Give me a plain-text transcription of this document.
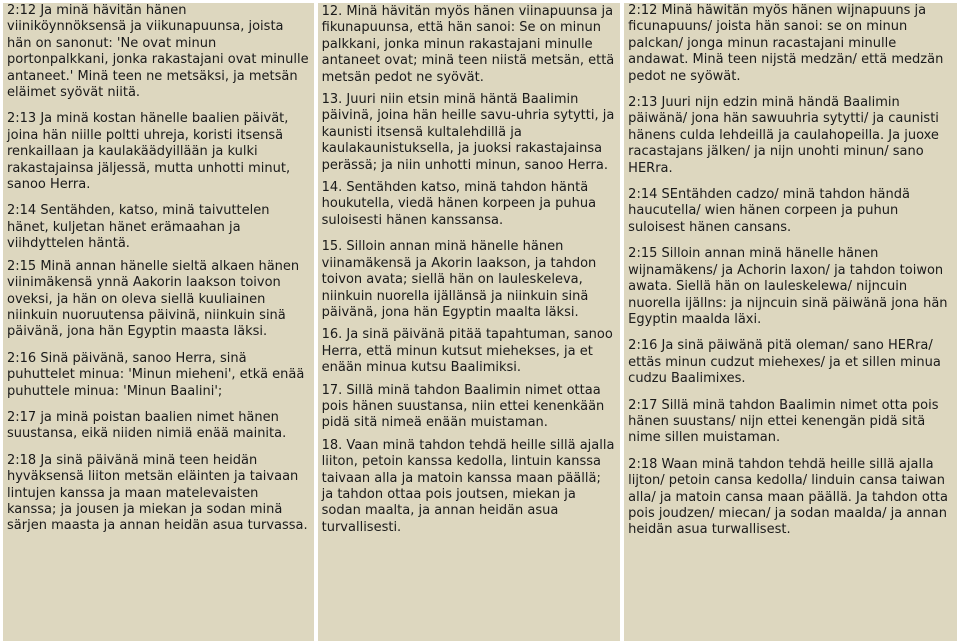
2:12 Ja minä hävitän hänen viiniköynnöksensä ja viikunapuunsa, joista hän on sanonut: 'Ne ovat minun portonpalkkani, jonka rakastajani ovat minulle antaneet.' Minä teen ne metsäksi, ja metsän eläimet syövät niitä.

2:13 Ja minä kostan hänelle baalien päivät, joina hän niille poltti uhreja, koristi itsensä renkaillaan ja kaulakäädyillään ja kulki rakastajainsa jäljessä, mutta unhotti minut, sanoo Herra.

2:14 Sentähden, katso, minä taivuttelen hänet, kuljetan hänet erämaahan ja viihdyttelen häntä.

2:15 Minä annan hänelle sieltä alkaen hänen viinimäkensä ynnä Aakorin laakson toivon oveksi, ja hän on oleva siellä kuuliainen niinkuin nuoruutensa päivinä, niinkuin sinä päivänä, jona hän Egyptin maasta läksi.

2:16 Sinä päivänä, sanoo Herra, sinä puhuttelet minua: 'Minun mieheni', etkä enää puhuttele minua: 'Minun Baalini';

2:17 ja minä poistan baalien nimet hänen suustansa, eikä niiden nimiä enää mainita.

2:18 Ja sinä päivänä minä teen heidän hyväksensä liiton metsän eläinten ja taivaan lintujen kanssa ja maan matelevaisten kanssa; ja jousen ja miekan ja sodan minä särjen maasta ja annan heidän asua turvassa.

12. Minä hävitän myös hänen viinapuunsa ja fikunapuunsa, että hän sanoi: Se on minun palkkani, jonka minun rakastajani minulle antaneet ovat; minä teen niistä metsän, että metsän pedot ne syövät.

13. Juuri niin etsin minä häntä Baalimin päivinä, joina hän heille savu-uhria sytytti, ja kaunisti itsensä kultalehdillä ja kaulakaunistuksella, ja juoksi rakastajainsa perässä; ja niin unhotti minun, sanoo Herra.

14. Sentähden katso, minä tahdon häntä houkutella, viedä hänen korpeen ja puhua suloisesti hänen kanssansa.

15. Silloin annan minä hänelle hänen viinamäkensä ja Akorin laakson, ja tahdon toivon avata; siellä hän on lauleskeleva, niinkuin nuorella ijällänsä ja niinkuin sinä päivänä, jona hän Egyptin maalta läksi.

16. Ja sinä päivänä pitää tapahtuman, sanoo Herra, että minun kutsut miehekses, ja et enään minua kutsu Baalimiksi.

17. Sillä minä tahdon Baalimin nimet ottaa pois hänen suustansa, niin ettei kenenkään pidä sitä nimeä enään muistaman.

18. Vaan minä tahdon tehdä heille sillä ajalla liiton, petoin kanssa kedolla, lintuin kanssa taivaan alla ja matoin kanssa maan päällä; ja tahdon ottaa pois joutsen, miekan ja sodan maalta, ja annan heidän asua turvallisesti.

2:12 Minä häwitän myös hänen wijnapuuns ja ficunapuuns/ joista hän sanoi: se on minun palckan/ jonga minun racastajani minulle andawat. Minä teen nijstä medzän/ että medzän pedot ne syöwät.

2:13 Juuri nijn edzin minä händä Baalimin päiwänä/ jona hän sawuuhria sytytti/ ja caunisti hänens culda lehdeillä ja caulahopeilla. Ja juoxe racastajans jälken/ ja nijn unohti minun/ sano HERra.

2:14 SEntähden cadzo/ minä tahdon händä haucutella/ wien hänen corpeen ja puhun suloisest hänen cansans.

2:15 Silloin annan minä hänelle hänen wijnamäkens/ ja Achorin laxon/ ja tahdon toiwon awata. Siellä hän on lauleskelewa/ nijncuin nuorella ijällns: ja nijncuin sinä päiwänä jona hän Egyptin maalda läxi.

2:16 Ja sinä päiwänä pitä oleman/ sano HERra/ ettäs minun cudzut miehexes/ ja et sillen minua cudzu Baalimixes.

2:17 Sillä minä tahdon Baalimin nimet otta pois hänen suustans/ nijn ettei kenengän pidä sitä nime sillen muistaman.

2:18 Waan minä tahdon tehdä heille sillä ajalla lijton/ petoin cansa kedolla/ linduin cansa taiwan alla/ ja matoin cansa maan päällä. Ja tahdon otta pois joudzen/ miecan/ ja sodan maalda/ ja annan heidän asua turwallisest.
